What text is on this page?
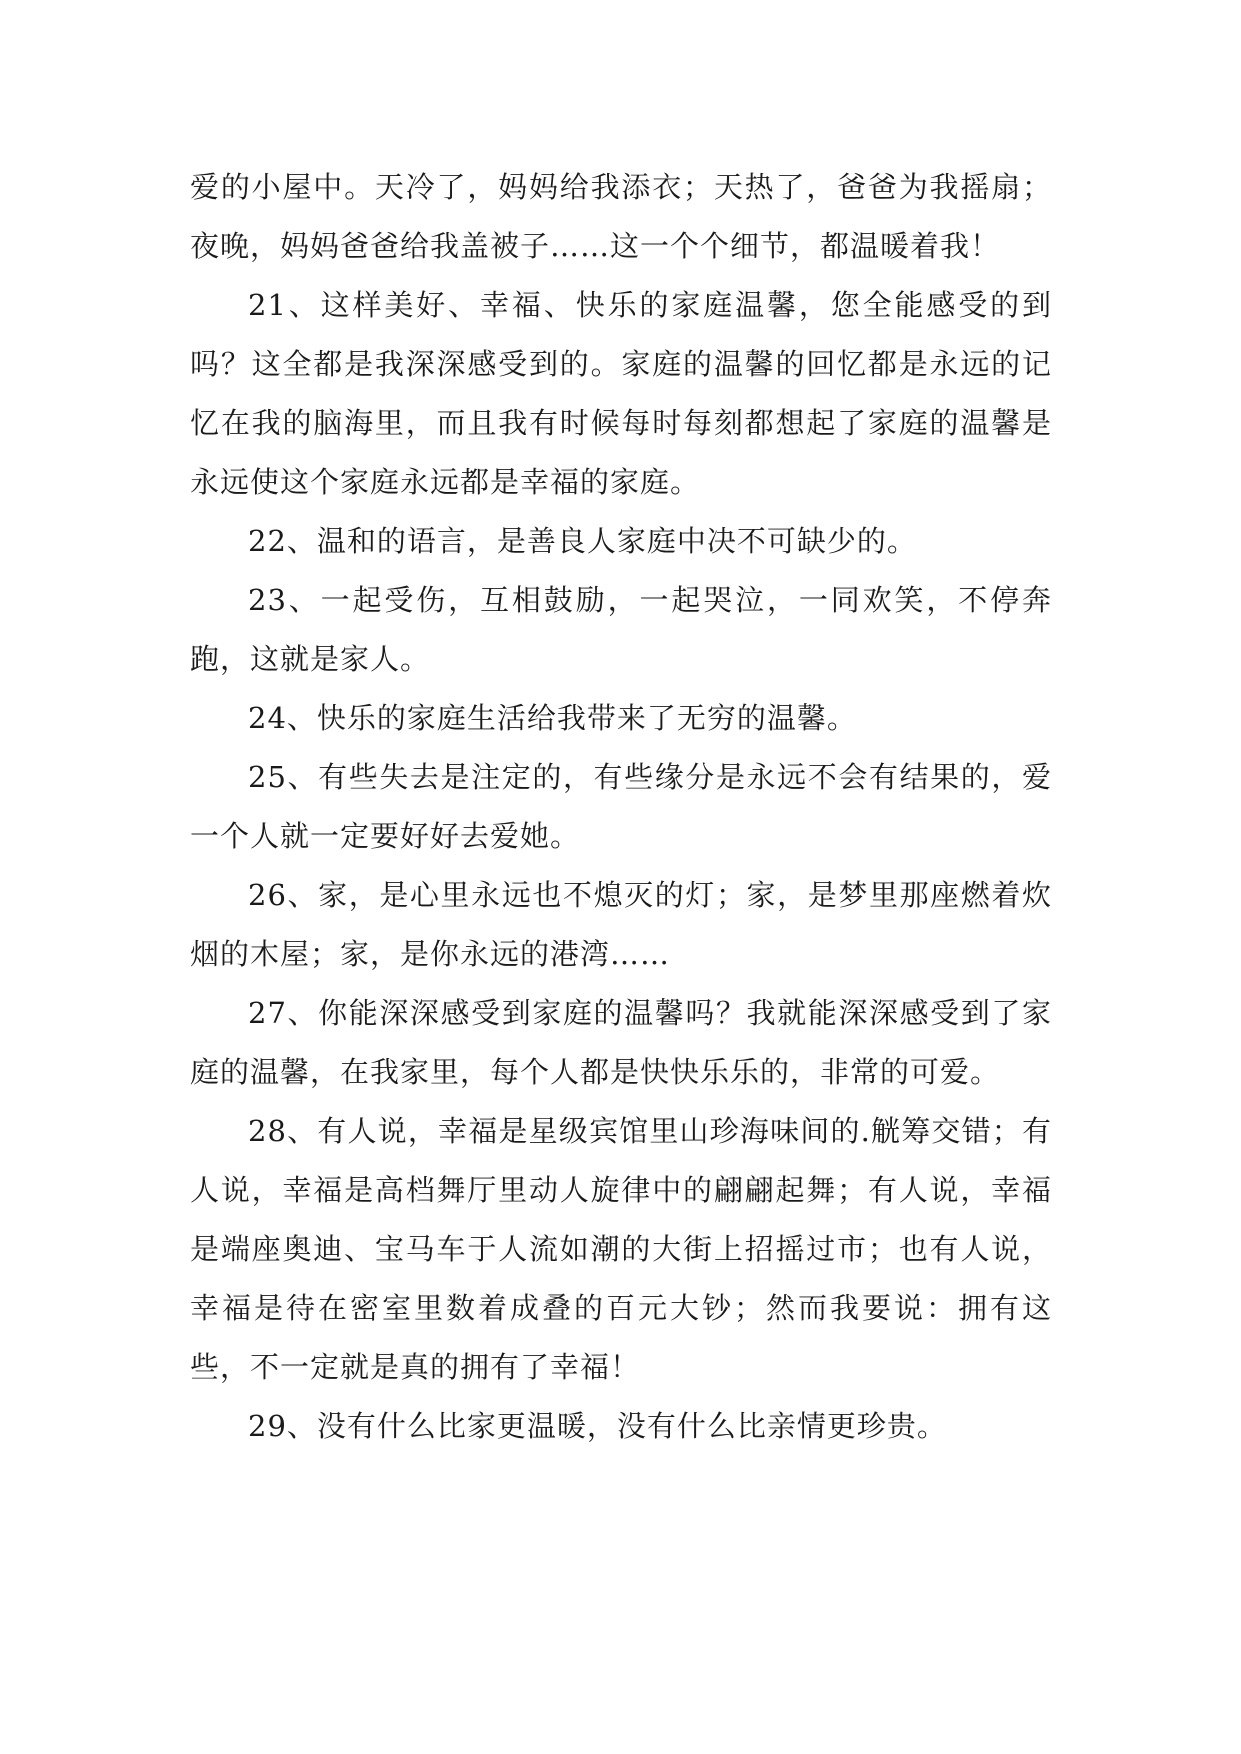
爱的小屋中。天冷了，妈妈给我添衣；天热了，爸爸为我摇扇；夜晚，妈妈爸爸给我盖被子……这一个个细节，都温暖着我！

21、这样美好、幸福、快乐的家庭温馨，您全能感受的到吗？这全都是我深深感受到的。家庭的温馨的回忆都是永远的记忆在我的脑海里，而且我有时候每时每刻都想起了家庭的温馨是永远使这个家庭永远都是幸福的家庭。

22、温和的语言，是善良人家庭中决不可缺少的。

23、一起受伤，互相鼓励，一起哭泣，一同欢笑，不停奔跑，这就是家人。

24、快乐的家庭生活给我带来了无穷的温馨。

25、有些失去是注定的，有些缘分是永远不会有结果的，爱一个人就一定要好好去爱她。

26、家，是心里永远也不熄灭的灯；家，是梦里那座燃着炊烟的木屋；家，是你永远的港湾……

27、你能深深感受到家庭的温馨吗？我就能深深感受到了家庭的温馨，在我家里，每个人都是快快乐乐的，非常的可爱。

28、有人说，幸福是星级宾馆里山珍海味间的.觥筹交错；有人说，幸福是高档舞厅里动人旋律中的翩翩起舞；有人说，幸福是端座奥迪、宝马车于人流如潮的大街上招摇过市；也有人说，幸福是待在密室里数着成叠的百元大钞；然而我要说：拥有这些，不一定就是真的拥有了幸福！

29、没有什么比家更温暖，没有什么比亲情更珍贵。
